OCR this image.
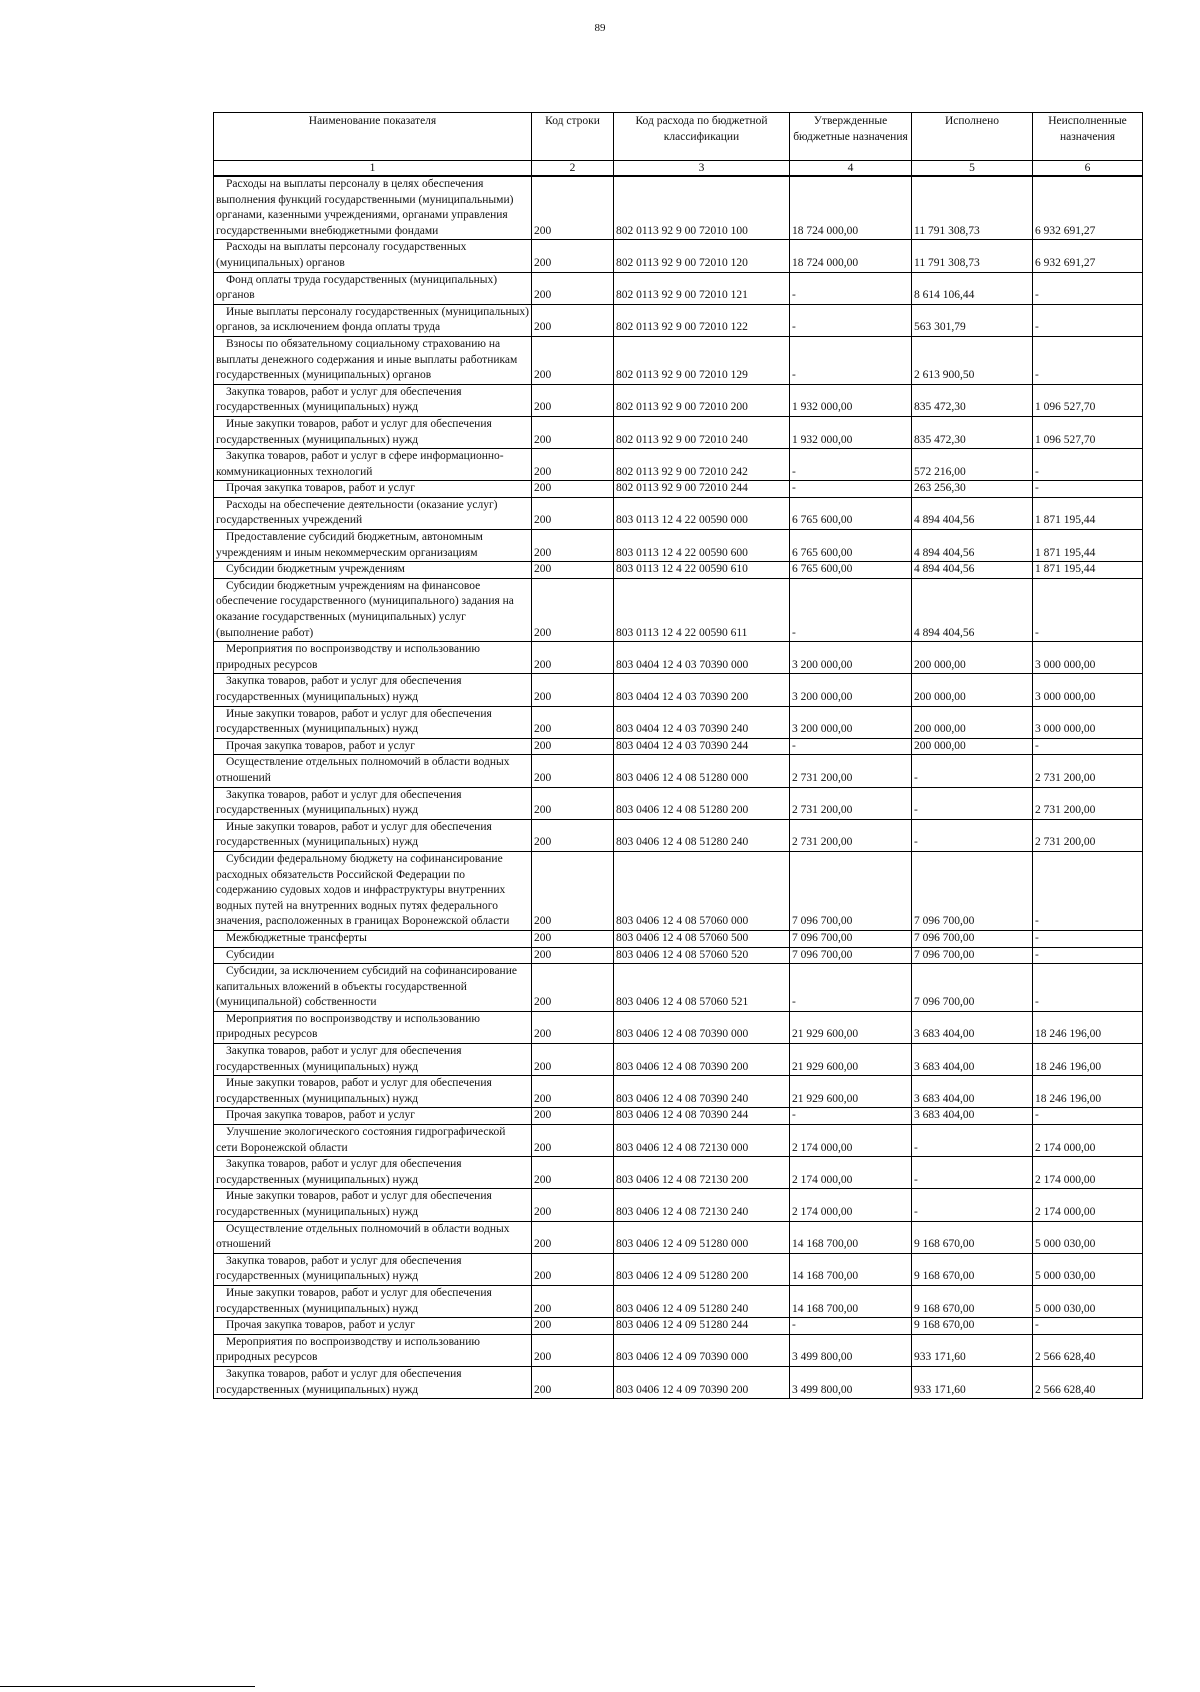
89
Наименование показателя	Код строки	Код расхода по бюджетной классификации	Утвержденные бюджетные назначения	Исполнено	Неисполненные назначения
1	2	3	4	5	6
Расходы на выплаты персоналу в целях обеспечения выполнения функций государственными (муниципальными) органами, казенными учреждениями, органами управления государственными внебюджетными фондами	200	802 0113 92 9 00 72010 100	18 724 000,00	11 791 308,73	6 932 691,27
Расходы на выплаты персоналу государственных (муниципальных) органов	200	802 0113 92 9 00 72010 120	18 724 000,00	11 791 308,73	6 932 691,27
Фонд оплаты труда государственных (муниципальных) органов	200	802 0113 92 9 00 72010 121	-	8 614 106,44	-
Иные выплаты персоналу государственных (муниципальных) органов, за исключением фонда оплаты труда	200	802 0113 92 9 00 72010 122	-	563 301,79	-
Взносы по обязательному социальному страхованию на выплаты денежного содержания и иные выплаты работникам государственных (муниципальных) органов	200	802 0113 92 9 00 72010 129	-	2 613 900,50	-
Закупка товаров, работ и услуг для обеспечения государственных (муниципальных) нужд	200	802 0113 92 9 00 72010 200	1 932 000,00	835 472,30	1 096 527,70
Иные закупки товаров, работ и услуг для обеспечения государственных (муниципальных) нужд	200	802 0113 92 9 00 72010 240	1 932 000,00	835 472,30	1 096 527,70
Закупка товаров, работ и услуг в сфере информационно-коммуникационных технологий	200	802 0113 92 9 00 72010 242	-	572 216,00	-
Прочая закупка товаров, работ и услуг	200	802 0113 92 9 00 72010 244	-	263 256,30	-
Расходы на обеспечение деятельности (оказание услуг) государственных учреждений	200	803 0113 12 4 22 00590 000	6 765 600,00	4 894 404,56	1 871 195,44
Предоставление субсидий бюджетным, автономным учреждениям и иным некоммерческим организациям	200	803 0113 12 4 22 00590 600	6 765 600,00	4 894 404,56	1 871 195,44
Субсидии бюджетным учреждениям	200	803 0113 12 4 22 00590 610	6 765 600,00	4 894 404,56	1 871 195,44
Субсидии бюджетным учреждениям на финансовое обеспечение государственного (муниципального) задания на оказание государственных (муниципальных) услуг (выполнение работ)	200	803 0113 12 4 22 00590 611	-	4 894 404,56	-
Мероприятия по воспроизводству и использованию природных ресурсов	200	803 0404 12 4 03 70390 000	3 200 000,00	200 000,00	3 000 000,00
Закупка товаров, работ и услуг для обеспечения государственных (муниципальных) нужд	200	803 0404 12 4 03 70390 200	3 200 000,00	200 000,00	3 000 000,00
Иные закупки товаров, работ и услуг для обеспечения государственных (муниципальных) нужд	200	803 0404 12 4 03 70390 240	3 200 000,00	200 000,00	3 000 000,00
Прочая закупка товаров, работ и услуг	200	803 0404 12 4 03 70390 244	-	200 000,00	-
Осуществление отдельных полномочий в области водных отношений	200	803 0406 12 4 08 51280 000	2 731 200,00	-	2 731 200,00
Закупка товаров, работ и услуг для обеспечения государственных (муниципальных) нужд	200	803 0406 12 4 08 51280 200	2 731 200,00	-	2 731 200,00
Иные закупки товаров, работ и услуг для обеспечения государственных (муниципальных) нужд	200	803 0406 12 4 08 51280 240	2 731 200,00	-	2 731 200,00
Субсидии федеральному бюджету на софинансирование расходных обязательств Российской Федерации по содержанию судовых ходов и инфраструктуры внутренних водных путей на внутренних водных путях федерального значения, расположенных в границах Воронежской области	200	803 0406 12 4 08 57060 000	7 096 700,00	7 096 700,00	-
Межбюджетные трансферты	200	803 0406 12 4 08 57060 500	7 096 700,00	7 096 700,00	-
Субсидии	200	803 0406 12 4 08 57060 520	7 096 700,00	7 096 700,00	-
Субсидии, за исключением субсидий на софинансирование капитальных вложений в объекты государственной (муниципальной) собственности	200	803 0406 12 4 08 57060 521	-	7 096 700,00	-
Мероприятия по воспроизводству и использованию природных ресурсов	200	803 0406 12 4 08 70390 000	21 929 600,00	3 683 404,00	18 246 196,00
Закупка товаров, работ и услуг для обеспечения государственных (муниципальных) нужд	200	803 0406 12 4 08 70390 200	21 929 600,00	3 683 404,00	18 246 196,00
Иные закупки товаров, работ и услуг для обеспечения государственных (муниципальных) нужд	200	803 0406 12 4 08 70390 240	21 929 600,00	3 683 404,00	18 246 196,00
Прочая закупка товаров, работ и услуг	200	803 0406 12 4 08 70390 244	-	3 683 404,00	-
Улучшение экологического состояния гидрографической сети Воронежской области	200	803 0406 12 4 08 72130 000	2 174 000,00	-	2 174 000,00
Закупка товаров, работ и услуг для обеспечения государственных (муниципальных) нужд	200	803 0406 12 4 08 72130 200	2 174 000,00	-	2 174 000,00
Иные закупки товаров, работ и услуг для обеспечения государственных (муниципальных) нужд	200	803 0406 12 4 08 72130 240	2 174 000,00	-	2 174 000,00
Осуществление отдельных полномочий в области водных отношений	200	803 0406 12 4 09 51280 000	14 168 700,00	9 168 670,00	5 000 030,00
Закупка товаров, работ и услуг для обеспечения государственных (муниципальных) нужд	200	803 0406 12 4 09 51280 200	14 168 700,00	9 168 670,00	5 000 030,00
Иные закупки товаров, работ и услуг для обеспечения государственных (муниципальных) нужд	200	803 0406 12 4 09 51280 240	14 168 700,00	9 168 670,00	5 000 030,00
Прочая закупка товаров, работ и услуг	200	803 0406 12 4 09 51280 244	-	9 168 670,00	-
Мероприятия по воспроизводству и использованию природных ресурсов	200	803 0406 12 4 09 70390 000	3 499 800,00	933 171,60	2 566 628,40
Закупка товаров, работ и услуг для обеспечения государственных (муниципальных) нужд	200	803 0406 12 4 09 70390 200	3 499 800,00	933 171,60	2 566 628,40
